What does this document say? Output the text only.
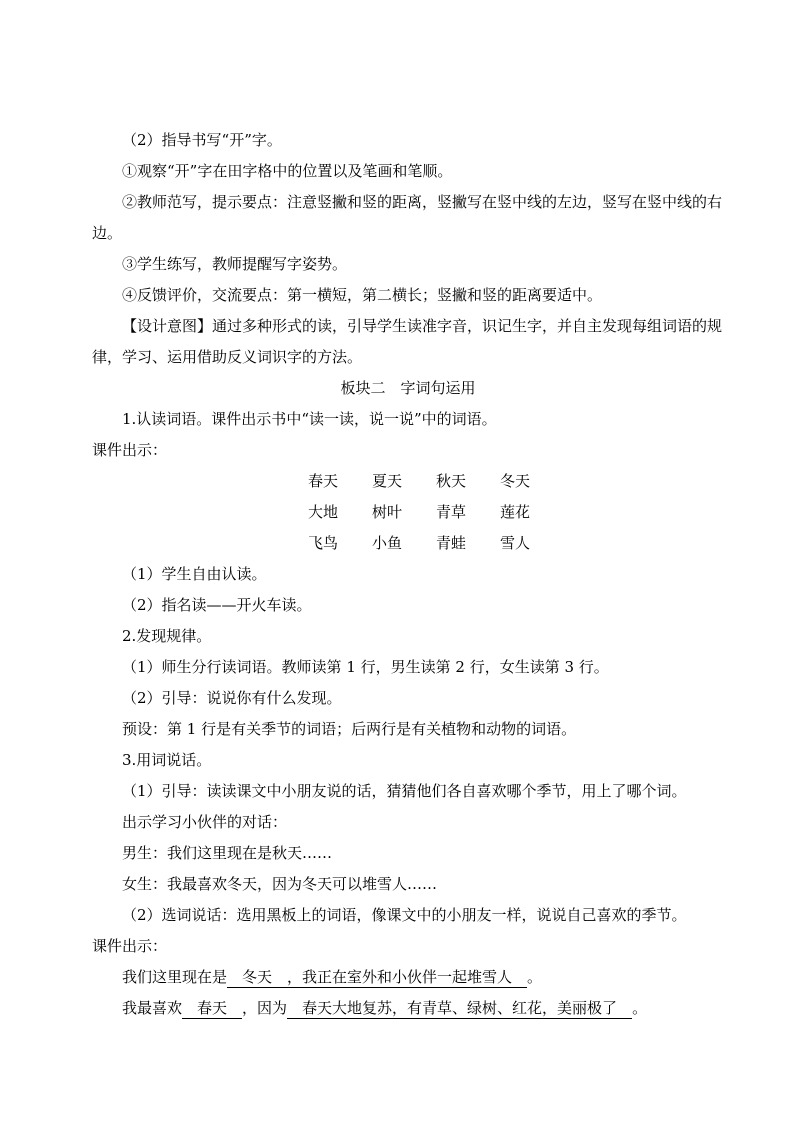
（2）指导书写“开”字。
①观察“开”字在田字格中的位置以及笔画和笔顺。
②教师范写，提示要点：注意竖撇和竖的距离，竖撇写在竖中线的左边，竖写在竖中线的右边。
③学生练写，教师提醒写字姿势。
④反馈评价，交流要点：第一横短，第二横长；竖撇和竖的距离要适中。
【设计意图】通过多种形式的读，引导学生读准字音，识记生字，并自主发现每组词语的规律，学习、运用借助反义词识字的方法。
板块二　字词句运用
1.认读词语。课件出示书中“读一读，说一说”中的词语。
课件出示：
春天 夏天 秋天 冬天
大地 树叶 青草 莲花
飞鸟 小鱼 青蛙 雪人
（1）学生自由认读。
（2）指名读——开火车读。
2.发现规律。
（1）师生分行读词语。教师读第 1 行，男生读第 2 行，女生读第 3 行。
（2）引导：说说你有什么发现。
预设：第 1 行是有关季节的词语；后两行是有关植物和动物的词语。
3.用词说话。
（1）引导：读读课文中小朋友说的话，猜猜他们各自喜欢哪个季节，用上了哪个词。
出示学习小伙伴的对话：
男生：我们这里现在是秋天……
女生：我最喜欢冬天，因为冬天可以堆雪人……
（2）选词说话：选用黑板上的词语，像课文中的小朋友一样，说说自己喜欢的季节。
课件出示：
我们这里现在是　冬天　，我正在室外和小伙伴一起堆雪人　。
我最喜欢　春天　，因为　春天大地复苏，有青草、绿树、红花，美丽极了　。
